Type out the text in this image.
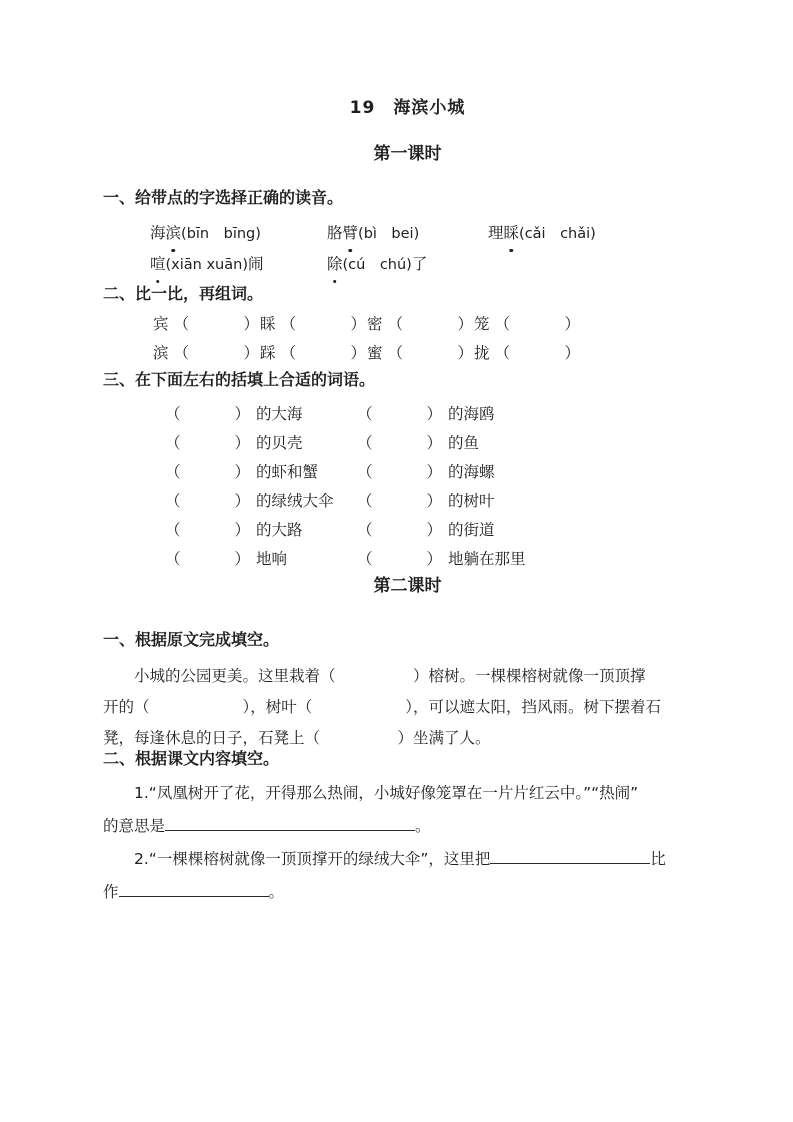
19　海滨小城
第一课时
一、给带点的字选择正确的读音。
海滨(bīn　bīng)	胳臂(bì　bei)	理睬(cǎi　chǎi)
喧(xiān xuān)闹	除(cú　chú)了
二、比一比，再组词。
宾 （	） 睬 （	） 密 （	） 笼 （	）
滨 （	） 踩 （	） 蜜 （	） 拢 （	）
三、在下面左右的括填上合适的词语。
（	） 的大海	（	） 的海鸥
（	） 的贝壳	（	） 的鱼
（	） 的虾和蟹	（	） 的海螺
（	） 的绿绒大伞 （	） 的树叶
（	） 的大路	（	） 的街道
（	） 地响	（	） 地躺在那里
第二课时
一、根据原文完成填空。
小城的公园更美。这里栽着（　　　　　）榕树。一棵棵榕树就像一顶顶撑
开的（　　　　　　），树叶（　　　　　　），可以遮太阳，挡风雨。树下摆着石
凳，每逢休息的日子，石凳上（　　　　　）坐满了人。
二、根据课文内容填空。
1.“凤凰树开了花，开得那么热闹，小城好像笼罩在一片片红云中。”“热闹”
的意思是	。
2.“一棵棵榕树就像一顶顶撑开的绿绒大伞”，这里把	比
作	。
